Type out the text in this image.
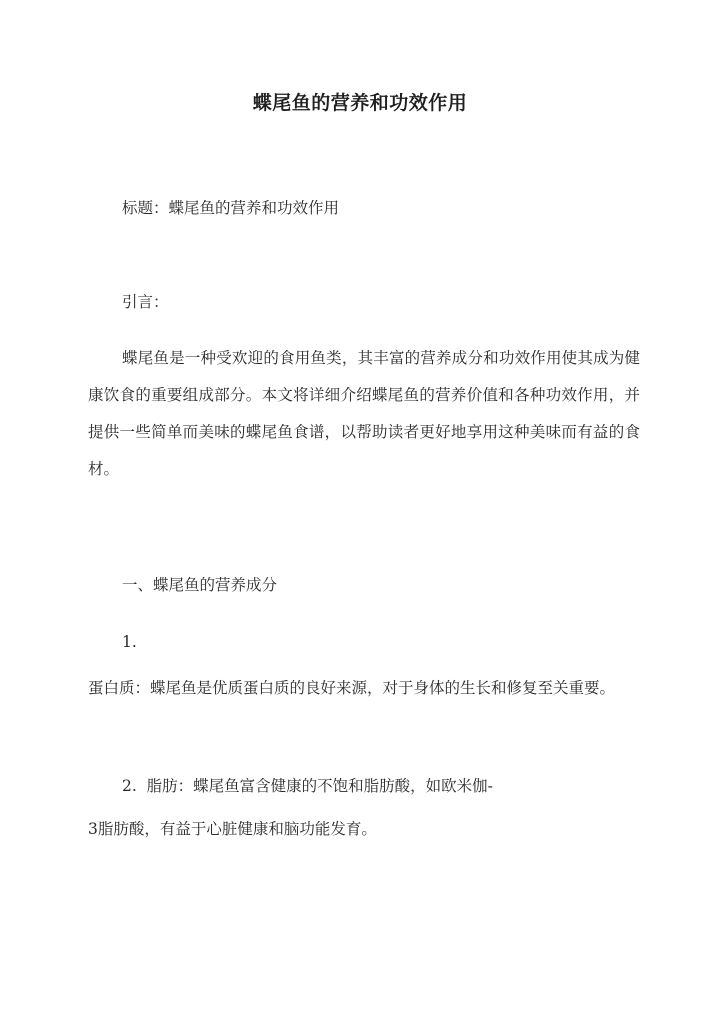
蝶尾鱼的营养和功效作用
标题：蝶尾鱼的营养和功效作用
引言：
蝶尾鱼是一种受欢迎的食用鱼类，其丰富的营养成分和功效作用使其成为健康饮食的重要组成部分。本文将详细介绍蝶尾鱼的营养价值和各种功效作用，并提供一些简单而美味的蝶尾鱼食谱，以帮助读者更好地享用这种美味而有益的食材。
一、蝶尾鱼的营养成分
1.
蛋白质：蝶尾鱼是优质蛋白质的良好来源，对于身体的生长和修复至关重要。
2. 脂肪：蝶尾鱼富含健康的不饱和脂肪酸，如欧米伽-
3脂肪酸，有益于心脏健康和脑功能发育。
